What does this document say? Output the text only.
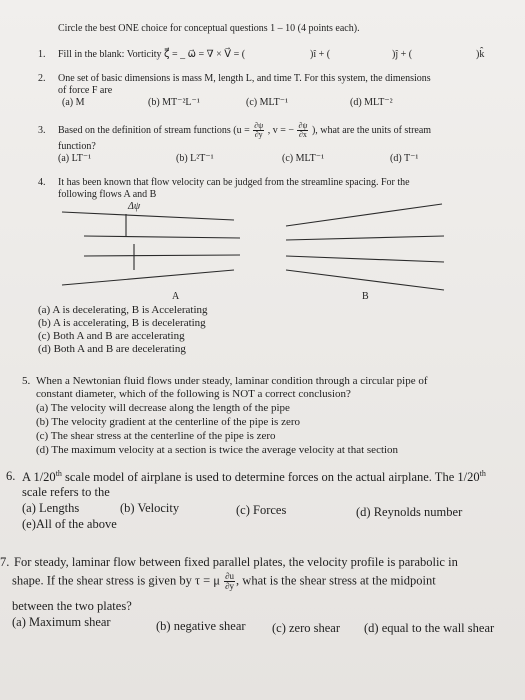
Circle the best ONE choice for conceptual questions 1 – 10 (4 points each).
1. Fill in the blank: Vorticity ζ⃗ = _ ω⃗ = ∇ × V⃗ = (	)î + (	)ĵ + (	)k̂
2. One set of basic dimensions is mass M, length L, and time T. For this system, the dimensions
of force F are
(a) M	(b) MT⁻²L⁻¹	(c) MLT⁻¹	(d) MLT⁻²
3. Based on the definition of stream functions ($u = \frac{\partial\psi}{\partial y}$ , v = − $\frac{\partial\psi}{\partial x}$ ), what are the units of stream
function?
(a) LT⁻¹	(b) L²T⁻¹	(c) MLT⁻¹	(d) T⁻¹
4. It has been known that flow velocity can be judged from the streamline spacing. For the
following flows A and B
Δψ
A	B
(a) A is decelerating, B is Accelerating
(b) A is accelerating, B is decelerating
(c) Both A and B are accelerating
(d) Both A and B are decelerating
5. When a Newtonian fluid flows under steady, laminar condition through a circular pipe of
constant diameter, which of the following is NOT a correct conclusion?
(a) The velocity will decrease along the length of the pipe
(b) The velocity gradient at the centerline of the pipe is zero
(c) The shear stress at the centerline of the pipe is zero
(d) The maximum velocity at a section is twice the average velocity at that section
6. A 1/20th scale model of airplane is used to determine forces on the actual airplane. The 1/20th
scale refers to the
(a) Lengths	(b) Velocity	(c) Forces	(d) Reynolds number
(e)All of the above
7. For steady, laminar flow between fixed parallel plates, the velocity profile is parabolic in
shape. If the shear stress is given by τ = μ $\frac{\partial u}{\partial y}$ , what is the shear stress at the midpoint
between the two plates?
(a) Maximum shear	(b) negative shear (c) zero shear (d) equal to the wall shear
